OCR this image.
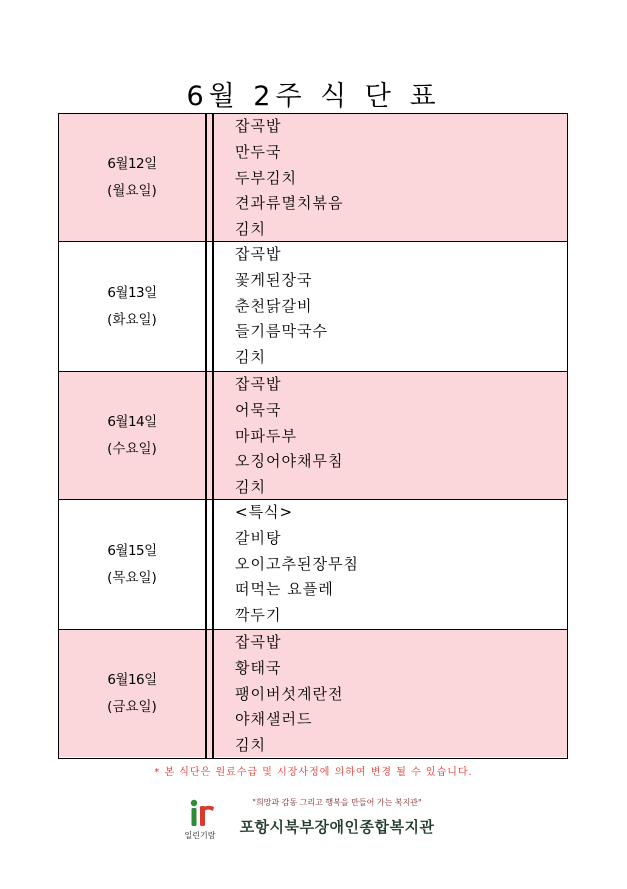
6월 2주 식 단 표
6월12일
(월요일)
잡곡밥
만두국
두부김치
견과류멸치볶음
김치
6월13일
(화요일)
잡곡밥
꽃게된장국
춘천닭갈비
들기름막국수
김치
6월14일
(수요일)
잡곡밥
어묵국
마파두부
오징어야채무침
김치
6월15일
(목요일)
<특식>
갈비탕
오이고추된장무침
떠먹는 요플레
깍두기
6월16일
(금요일)
잡곡밥
황태국
팽이버섯계란전
야채샐러드
김치
* 본 식단은 원료수급 및 시장사정에 의하여 변경 될 수 있습니다.
일린기람
"희망과 감동 그리고 행복을 만들어 가는 복지관"
포항시북부장애인종합복지관
